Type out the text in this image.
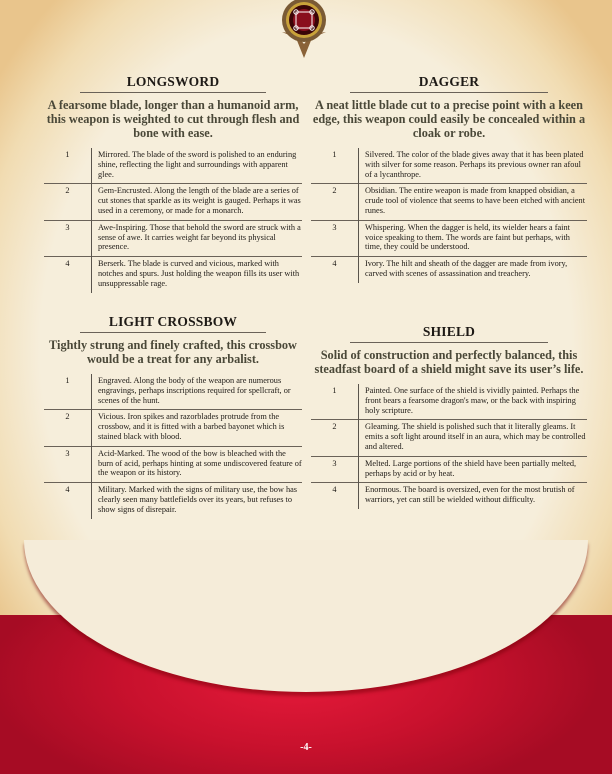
LONGSWORD
A fearsome blade, longer than a humanoid arm, this weapon is weighted to cut through flesh and bone with ease.
1	Mirrored. The blade of the sword is polished to an enduring shine, reflecting the light and surroundings with apparent glee.
2	Gem-Encrusted. Along the length of the blade are a series of cut stones that sparkle as its weight is gauged. Perhaps it was used in a ceremony, or made for a monarch.
3	Awe-Inspiring. Those that behold the sword are struck with a sense of awe. It carries weight far beyond its physical presence.
4	Berserk. The blade is curved and vicious, marked with notches and spurs. Just holding the weapon fills its user with unsuppressable rage.
LIGHT CROSSBOW
Tightly strung and finely crafted, this crossbow would be a treat for any arbalist.
1	Engraved. Along the body of the weapon are numerous engravings, perhaps inscriptions required for spellcraft, or scenes of the hunt.
2	Vicious. Iron spikes and razorblades protrude from the crossbow, and it is fitted with a barbed bayonet which is stained black with blood.
3	Acid-Marked. The wood of the bow is bleached with the burn of acid, perhaps hinting at some undiscovered feature of the weapon or its history.
4	Military. Marked with the signs of military use, the bow has clearly seen many battlefields over its years, but refuses to show signs of disrepair.
DAGGER
A neat little blade cut to a precise point with a keen edge, this weapon could easily be concealed within a cloak or robe.
1	Silvered. The color of the blade gives away that it has been plated with silver for some reason. Perhaps its previous owner ran afoul of a lycanthrope.
2	Obsidian. The entire weapon is made from knapped obsidian, a crude tool of violence that seems to have been etched with ancient runes.
3	Whispering. When the dagger is held, its wielder hears a faint voice speaking to them. The words are faint but perhaps, with time, they could be understood.
4	Ivory. The hilt and sheath of the dagger are made from ivory, carved with scenes of assassination and treachery.
SHIELD
Solid of construction and perfectly balanced, this steadfast board of a shield might save its user’s life.
1	Painted. One surface of the shield is vividly painted. Perhaps the front bears a fearsome dragon's maw, or the back with inspiring holy scripture.
2	Gleaming. The shield is polished such that it literally gleams. It emits a soft light around itself in an aura, which may be controlled and altered.
3	Melted. Large portions of the shield have been partially melted, perhaps by acid or by heat.
4	Enormous. The board is oversized, even for the most brutish of warriors, yet can still be wielded without difficulty.
-4-
